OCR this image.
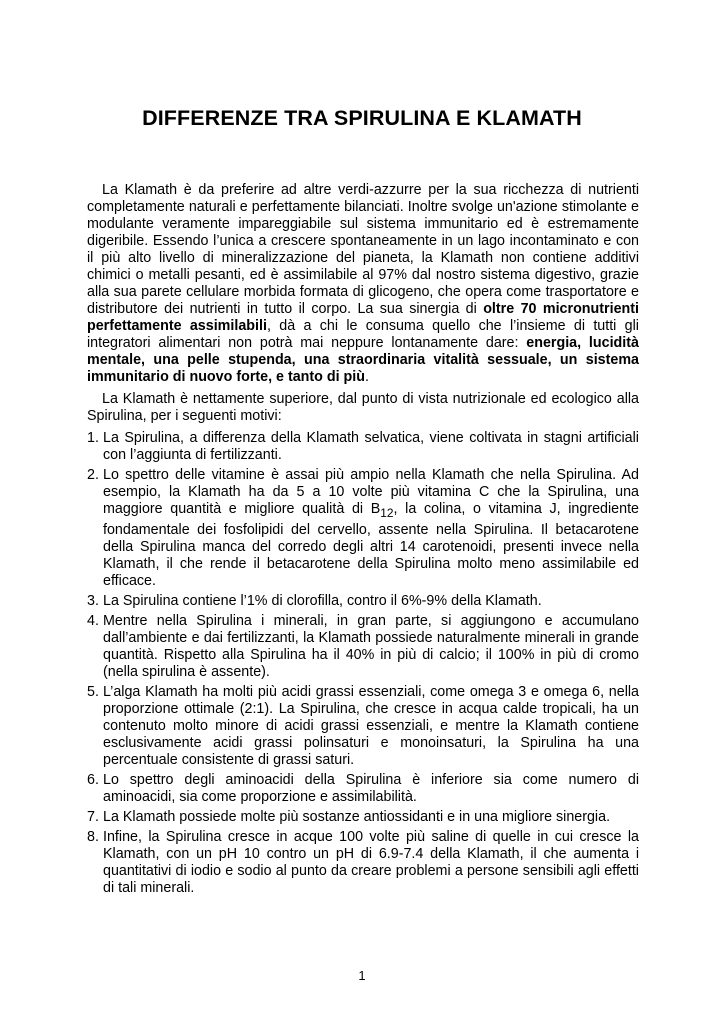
DIFFERENZE TRA SPIRULINA E KLAMATH

La Klamath è da preferire ad altre verdi-azzurre per la sua ricchezza di nutrienti completamente naturali e perfettamente bilanciati. Inoltre svolge un'azione stimolante e modulante veramente impareggiabile sul sistema immunitario ed è estremamente digeribile. Essendo l’unica a crescere spontaneamente in un lago incontaminato e con il più alto livello di mineralizzazione del pianeta, la Klamath non contiene additivi chimici o metalli pesanti, ed è assimilabile al 97% dal nostro sistema digestivo, grazie alla sua parete cellulare morbida formata di glicogeno, che opera come trasportatore e distributore dei nutrienti in tutto il corpo. La sua sinergia di oltre 70 micronutrienti perfettamente assimilabili, dà a chi le consuma quello che l’insieme di tutti gli integratori alimentari non potrà mai neppure lontanamente dare: energia, lucidità mentale, una pelle stupenda, una straordinaria vitalità sessuale, un sistema immunitario di nuovo forte, e tanto di più.

La Klamath è nettamente superiore, dal punto di vista nutrizionale ed ecologico alla Spirulina, per i seguenti motivi:

1. La Spirulina, a differenza della Klamath selvatica, viene coltivata in stagni artificiali con l’aggiunta di fertilizzanti.
2. Lo spettro delle vitamine è assai più ampio nella Klamath che nella Spirulina. Ad esempio, la Klamath ha da 5 a 10 volte più vitamina C che la Spirulina, una maggiore quantità e migliore qualità di $B_{12}$, la colina, o vitamina J, ingrediente fondamentale dei fosfolipidi del cervello, assente nella Spirulina. Il betacarotene della Spirulina manca del corredo degli altri 14 carotenoidi, presenti invece nella Klamath, il che rende il betacarotene della Spirulina molto meno assimilabile ed efficace.
3. La Spirulina contiene l’1% di clorofilla, contro il 6%-9% della Klamath.
4. Mentre nella Spirulina i minerali, in gran parte, si aggiungono e accumulano dall’ambiente e dai fertilizzanti, la Klamath possiede naturalmente minerali in grande quantità. Rispetto alla Spirulina ha il 40% in più di calcio; il 100% in più di cromo (nella spirulina è assente).
5. L’alga Klamath ha molti più acidi grassi essenziali, come omega 3 e omega 6, nella proporzione ottimale (2:1). La Spirulina, che cresce in acqua calde tropicali, ha un contenuto molto minore di acidi grassi essenziali, e mentre la Klamath contiene esclusivamente acidi grassi polinsaturi e monoinsaturi, la Spirulina ha una percentuale consistente di grassi saturi.
6. Lo spettro degli aminoacidi della Spirulina è inferiore sia come numero di aminoacidi, sia come proporzione e assimilabilità.
7. La Klamath possiede molte più sostanze antiossidanti e in una migliore sinergia.
8. Infine, la Spirulina cresce in acque 100 volte più saline di quelle in cui cresce la Klamath, con un pH 10 contro un pH di 6.9-7.4 della Klamath, il che aumenta i quantitativi di iodio e sodio al punto da creare problemi a persone sensibili agli effetti di tali minerali.
1
